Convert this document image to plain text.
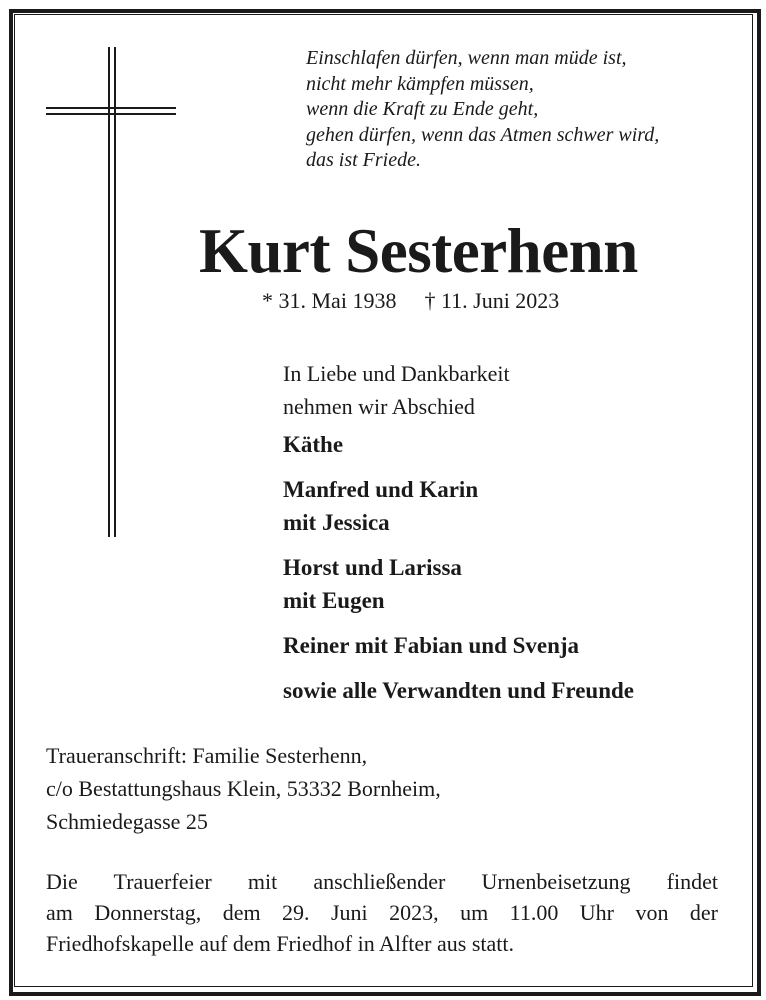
Einschlafen dürfen, wenn man müde ist,
nicht mehr kämpfen müssen,
wenn die Kraft zu Ende geht,
gehen dürfen, wenn das Atmen schwer wird,
das ist Friede.
Kurt Sesterhenn
* 31. Mai 1938 † 11. Juni 2023
In Liebe und Dankbarkeit
nehmen wir Abschied
Käthe
Manfred und Karin
mit Jessica
Horst und Larissa
mit Eugen
Reiner mit Fabian und Svenja
sowie alle Verwandten und Freunde
Traueranschrift: Familie Sesterhenn,
c/o Bestattungshaus Klein, 53332 Bornheim,
Schmiedegasse 25
Die Trauerfeier mit anschließender Urnenbeisetzung findet
am Donnerstag, dem 29. Juni 2023, um 11.00 Uhr von der
Friedhofskapelle auf dem Friedhof in Alfter aus statt.
